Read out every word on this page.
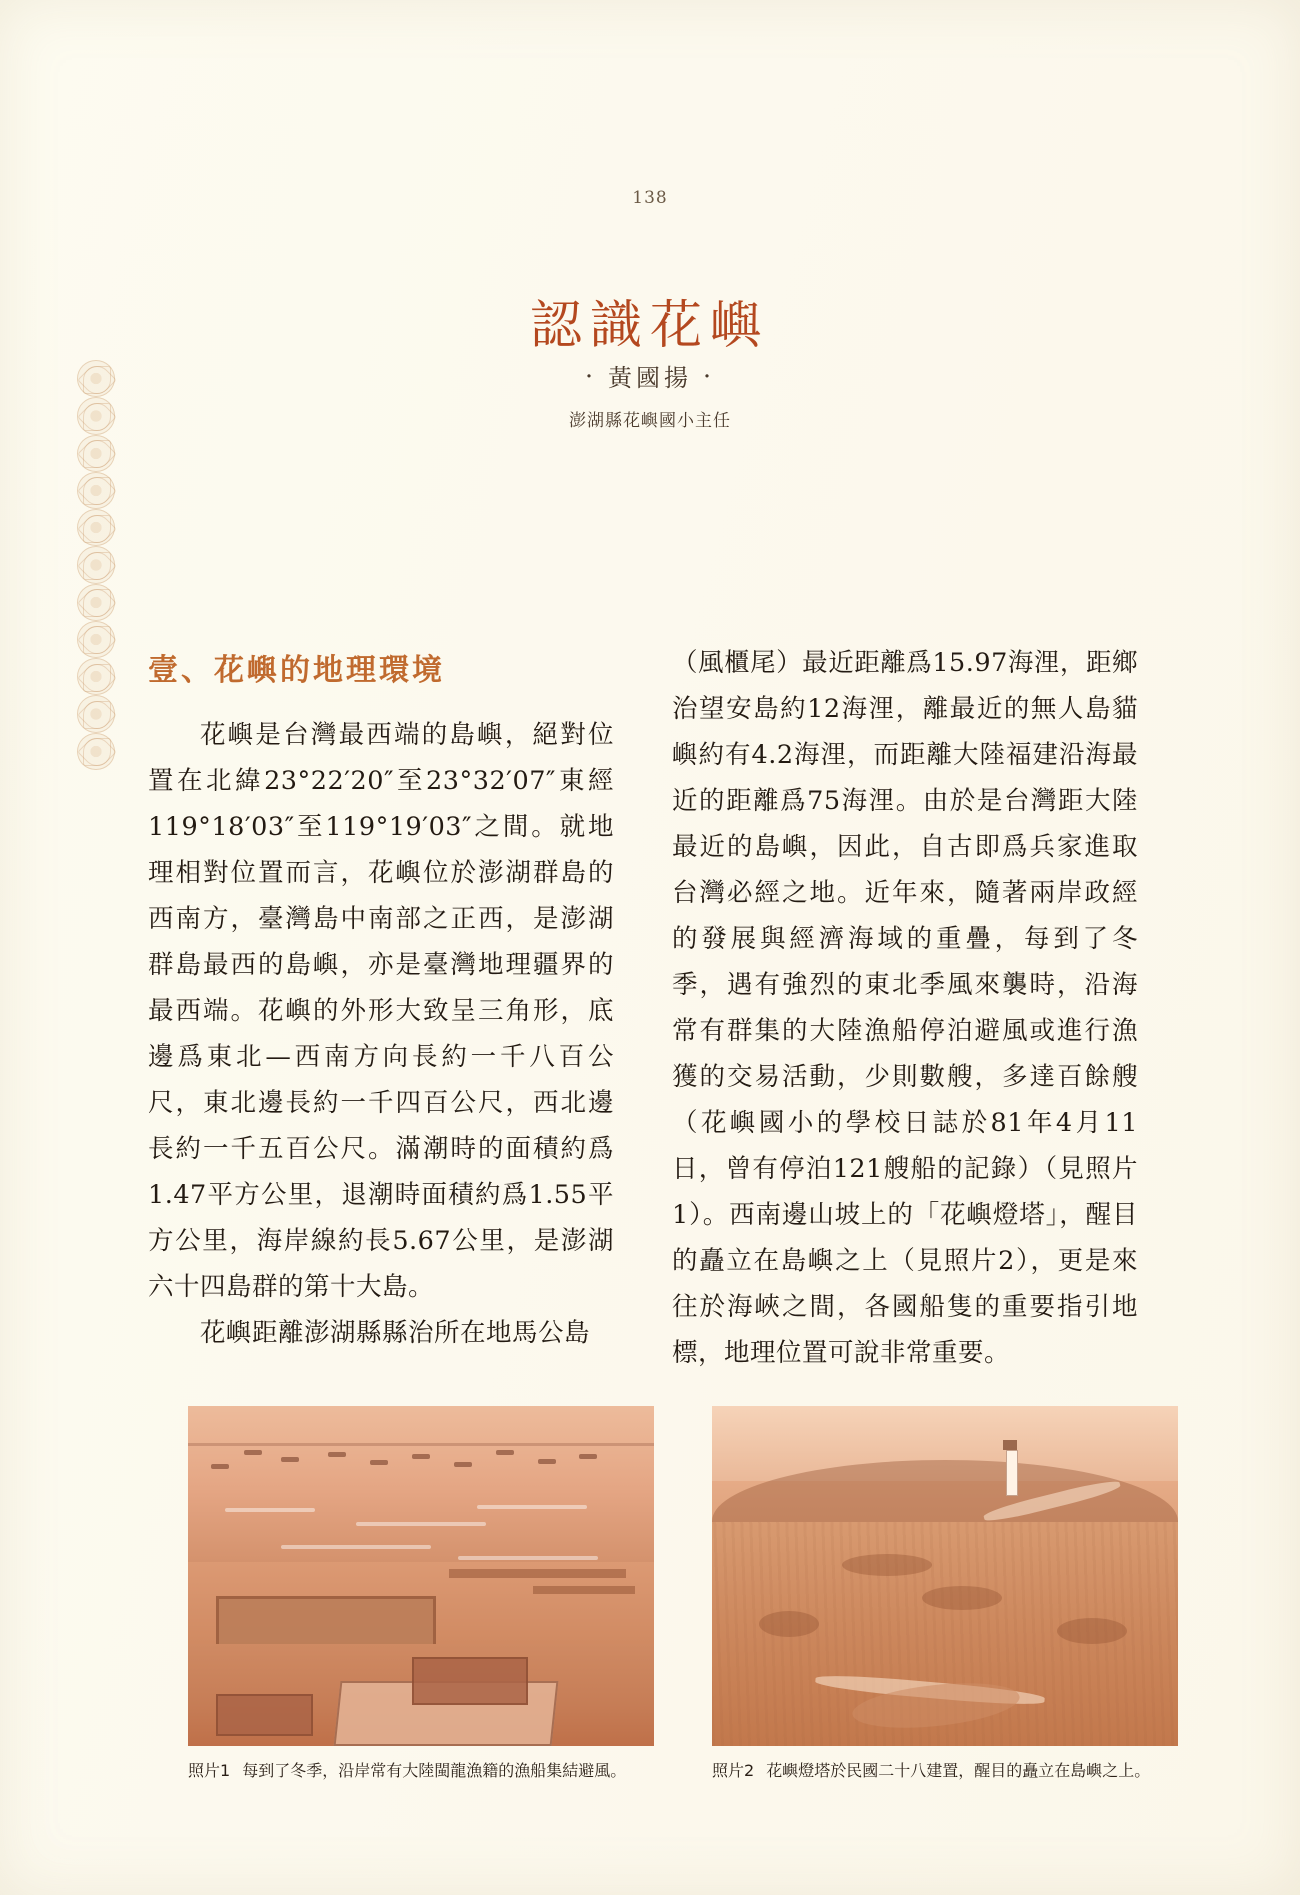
138
認識花嶼
・ 黃國揚 ・
澎湖縣花嶼國小主任
壹、花嶼的地理環境

花嶼是台灣最西端的島嶼，絕對位置在北緯23°22′20″至23°32′07″東經119°18′03″至119°19′03″之間。就地理相對位置而言，花嶼位於澎湖群島的西南方，臺灣島中南部之正西，是澎湖群島最西的島嶼，亦是臺灣地理疆界的最西端。花嶼的外形大致呈三角形，底邊爲東北—西南方向長約一千八百公尺，東北邊長約一千四百公尺，西北邊長約一千五百公尺。滿潮時的面積約爲1.47平方公里，退潮時面積約爲1.55平方公里，海岸線約長5.67公里，是澎湖六十四島群的第十大島。

花嶼距離澎湖縣縣治所在地馬公島

（風櫃尾）最近距離爲15.97海浬，距鄉治望安島約12海浬，離最近的無人島貓嶼約有4.2海浬，而距離大陸福建沿海最近的距離爲75海浬。由於是台灣距大陸最近的島嶼，因此，自古即爲兵家進取台灣必經之地。近年來，隨著兩岸政經的發展與經濟海域的重疊，每到了冬季，遇有強烈的東北季風來襲時，沿海常有群集的大陸漁船停泊避風或進行漁獲的交易活動，少則數艘，多達百餘艘（花嶼國小的學校日誌於81年4月11日，曾有停泊121艘船的記錄）（見照片1）。西南邊山坡上的「花嶼燈塔」，醒目的矗立在島嶼之上（見照片2），更是來往於海峽之間，各國船隻的重要指引地標，地理位置可說非常重要。

照片1 每到了冬季，沿岸常有大陸閩龍漁籍的漁船集結避風。	照片2 花嶼燈塔於民國二十八建置，醒目的矗立在島嶼之上。
